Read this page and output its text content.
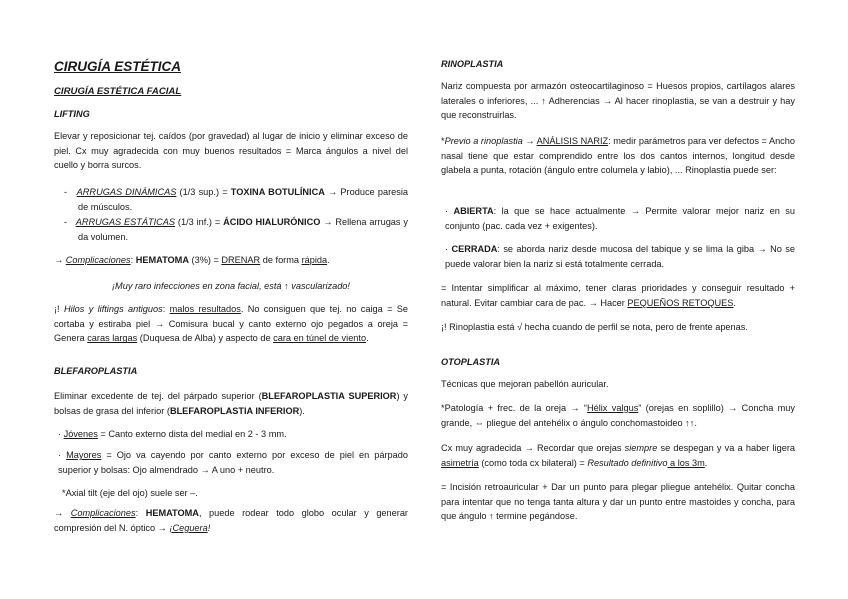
CIRUGÍA ESTÉTICA

CIRUGÍA ESTÉTICA FACIAL

LIFTING

Elevar y reposicionar tej. caídos (por gravedad) al lugar de inicio y eliminar exceso de piel. Cx muy agradecida con muy buenos resultados = Marca ángulos a nivel del cuello y borra surcos.

- ARRUGAS DINÁMICAS (1/3 sup.) = TOXINA BOTULÍNICA → Produce paresia de músculos.

- ARRUGAS ESTÁTICAS (1/3 inf.) = ÁCIDO HIALURÓNICO → Rellena arrugas y da volumen.

→ Complicaciones: HEMATOMA (3%) = DRENAR de forma rápida.

¡Muy raro infecciones en zona facial, está ↑ vascularizado!

¡! Hilos y liftings antiguos: malos resultados. No consiguen que tej. no caiga = Se cortaba y estiraba piel → Comisura bucal y canto externo ojo pegados a oreja = Genera caras largas (Duquesa de Alba) y aspecto de cara en túnel de viento.

BLEFAROPLASTIA

Eliminar excedente de tej. del párpado superior (BLEFAROPLASTIA SUPERIOR) y bolsas de grasa del inferior (BLEFAROPLASTIA INFERIOR).

· Jóvenes = Canto externo dista del medial en 2 - 3 mm.

· Mayores = Ojo va cayendo por canto externo por exceso de piel en párpado superior y bolsas: Ojo almendrado → A uno + neutro.

*Axial tilt (eje del ojo) suele ser –.

→ Complicaciones: HEMATOMA, puede rodear todo globo ocular y generar compresión del N. óptico → ¡Ceguera!

RINOPLASTIA

Nariz compuesta por armazón osteocartilaginoso = Huesos propios, cartílagos alares laterales o inferiores, ... ↑ Adherencias → Al hacer rinoplastia, se van a destruir y hay que reconstruirlas.

*Previo a rinoplastia → ANÁLISIS NARIZ: medir parámetros para ver defectos = Ancho nasal tiene que estar comprendido entre los dos cantos internos, longitud desde glabela a punta, rotación (ángulo entre columela y labio), ... Rinoplastia puede ser:

· ABIERTA: la que se hace actualmente → Permite valorar mejor nariz en su conjunto (pac. cada vez + exigentes).

· CERRADA: se aborda nariz desde mucosa del tabique y se lima la giba → No se puede valorar bien la nariz si está totalmente cerrada.

= Intentar simplificar al máximo, tener claras prioridades y conseguir resultado + natural. Evitar cambiar cara de pac. → Hacer PEQUEÑOS RETOQUES.

¡! Rinoplastia está √ hecha cuando de perfil se nota, pero de frente apenas.

OTOPLASTIA

Técnicas que mejoran pabellón auricular.

*Patología + frec. de la oreja → “Hélix valgus” (orejas en soplillo) → Concha muy grande, ⇔ pliegue del antehélix o ángulo conchomastoideo ↑↑.

Cx muy agradecida → Recordar que orejas siempre se despegan y va a haber ligera asimetría (como toda cx bilateral) = Resultado definitivo a los 3m.

= Incisión retroauricular + Dar un punto para plegar pliegue antehélix. Quitar concha para intentar que no tenga tanta altura y dar un punto entre mastoides y concha, para que ángulo ↑ termine pegándose.
